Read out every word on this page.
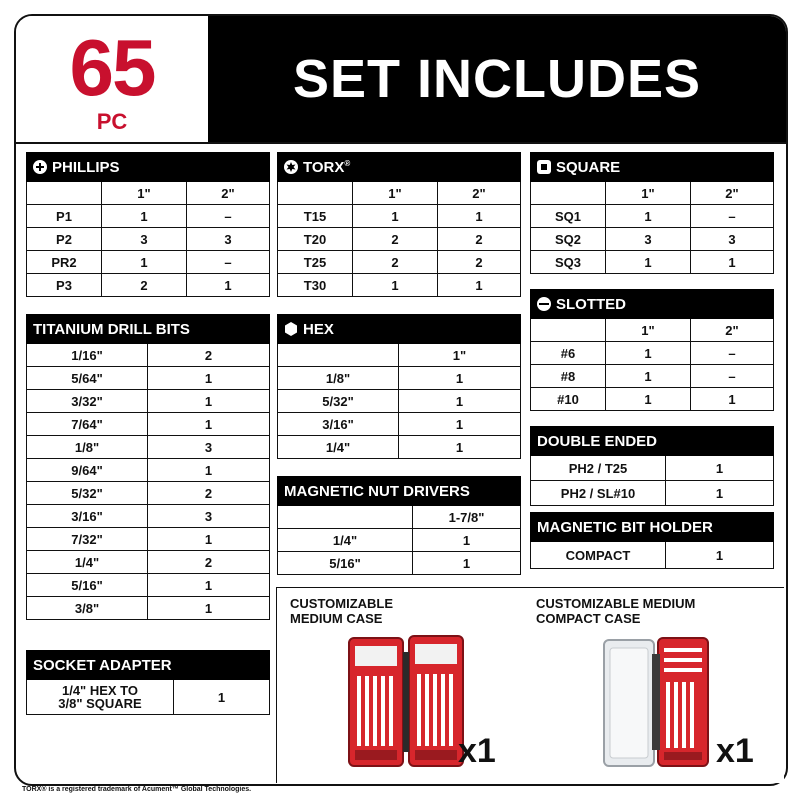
65
PC
SET INCLUDES
PHILLIPS		
	1"	2"
P1	1	–
P2	3	3
PR2	1	–
P3	2	1
TORX®
	1"	2"
T15	1	1
T20	2	2
T25	2	2
T30	1	1
SQUARE		
	1"	2"
SQ1	1	–
SQ2	3	3
SQ3	1	1
SLOTTED		
	1"	2"
#6	1	–
#8	1	–
#10	1	1
TITANIUM DRILL BITS	
1/16"	2
5/64"	1
3/32"	1
7/64"	1
1/8"	3
9/64"	1
5/32"	2
3/16"	3
7/32"	1
1/4"	2
5/16"	1
3/8"	1
HEX	
	1"
1/8"	1
5/32"	1
3/16"	1
1/4"	1
MAGNETIC NUT DRIVERS	
	1-7/8"
1/4"	1
5/16"	1
DOUBLE ENDED	
PH2 / T25	1
PH2 / SL#10	1
MAGNETIC BIT HOLDER
COMPACT	1
SOCKET ADAPTER
1/4" HEX TO
3/8" SQUARE	1
CUSTOMIZABLE
MEDIUM CASE
CUSTOMIZABLE MEDIUM
COMPACT CASE
x1	x1
TORX® is a registered trademark of Acument™ Global Technologies.
